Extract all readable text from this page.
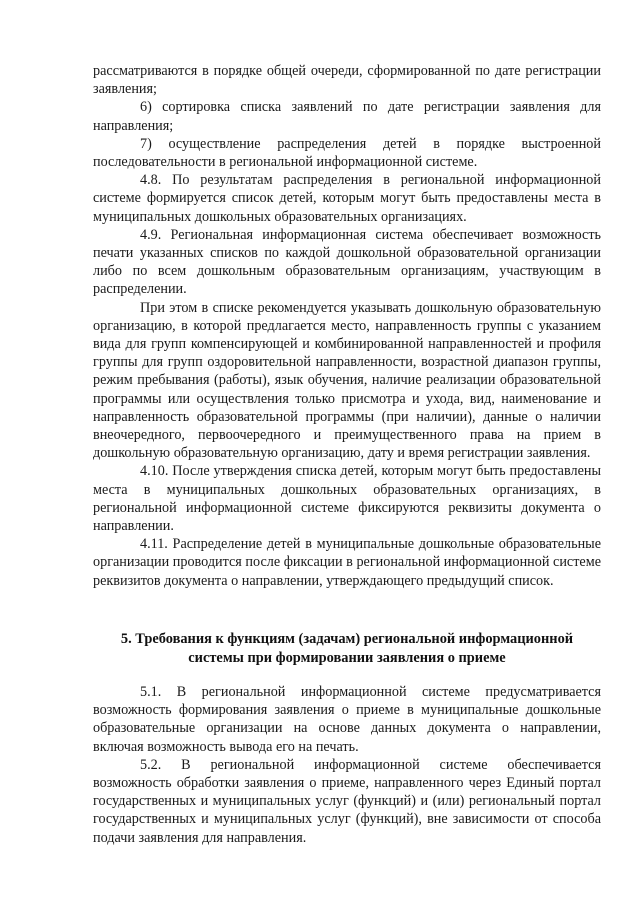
рассматриваются в порядке общей очереди, сформированной по дате регистрации заявления;

6) сортировка списка заявлений по дате регистрации заявления для направления;

7) осуществление распределения детей в порядке выстроенной последовательности в региональной информационной системе.

4.8. По результатам распределения в региональной информационной системе формируется список детей, которым могут быть предоставлены места в муниципальных дошкольных образовательных организациях.

4.9. Региональная информационная система обеспечивает возможность печати указанных списков по каждой дошкольной образовательной организации либо по всем дошкольным образовательным организациям, участвующим в распределении.

При этом в списке рекомендуется указывать дошкольную образовательную организацию, в которой предлагается место, направленность группы с указанием вида для групп компенсирующей и комбинированной направленностей и профиля группы для групп оздоровительной направленности, возрастной диапазон группы, режим пребывания (работы), язык обучения, наличие реализации образовательной программы или осуществления только присмотра и ухода, вид, наименование и направленность образовательной программы (при наличии), данные о наличии внеочередного, первоочередного и преимущественного права на прием в дошкольную образовательную организацию, дату и время регистрации заявления.

4.10. После утверждения списка детей, которым могут быть предоставлены места в муниципальных дошкольных образовательных организациях, в региональной информационной системе фиксируются реквизиты документа о направлении.

4.11. Распределение детей в муниципальные дошкольные образовательные организации проводится после фиксации в региональной информационной системе реквизитов документа о направлении, утверждающего предыдущий список.

5. Требования к функциям (задачам) региональной информационной

системы при формировании заявления о приеме

5.1. В региональной информационной системе предусматривается возможность формирования заявления о приеме в муниципальные дошкольные образовательные организации на основе данных документа о направлении, включая возможность вывода его на печать.

5.2. В региональной информационной системе обеспечивается возможность обработки заявления о приеме, направленного через Единый портал государственных и муниципальных услуг (функций) и (или) региональный портал государственных и муниципальных услуг (функций), вне зависимости от способа подачи заявления для направления.
